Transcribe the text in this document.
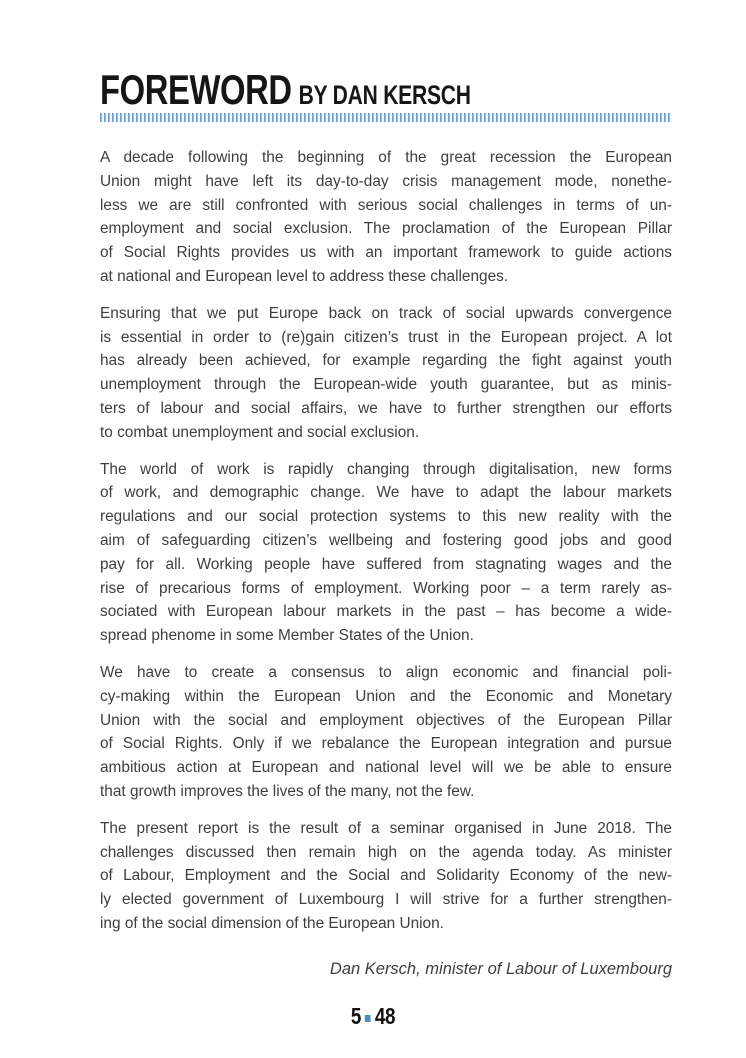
FOREWORD BY DAN KERSCH
A decade following the beginning of the great recession the European
Union might have left its day-to-day crisis management mode, nonethe-
less we are still confronted with serious social challenges in terms of un-
employment and social exclusion. The proclamation of the European Pillar
of Social Rights provides us with an important framework to guide actions
at national and European level to address these challenges.
Ensuring that we put Europe back on track of social upwards convergence
is essential in order to (re)gain citizen’s trust in the European project. A lot
has already been achieved, for example regarding the fight against youth
unemployment through the European-wide youth guarantee, but as minis-
ters of labour and social affairs, we have to further strengthen our efforts
to combat unemployment and social exclusion.
The world of work is rapidly changing through digitalisation, new forms
of work, and demographic change. We have to adapt the labour markets
regulations and our social protection systems to this new reality with the
aim of safeguarding citizen’s wellbeing and fostering good jobs and good
pay for all. Working people have suffered from stagnating wages and the
rise of precarious forms of employment. Working poor – a term rarely as-
sociated with European labour markets in the past – has become a wide-
spread phenome in some Member States of the Union.
We have to create a consensus to align economic and financial poli-
cy-making within the European Union and the Economic and Monetary
Union with the social and employment objectives of the European Pillar
of Social Rights. Only if we rebalance the European integration and pursue
ambitious action at European and national level will we be able to ensure
that growth improves the lives of the many, not the few.
The present report is the result of a seminar organised in June 2018. The
challenges discussed then remain high on the agenda today. As minister
of Labour, Employment and the Social and Solidarity Economy of the new-
ly elected government of Luxembourg I will strive for a further strengthen-
ing of the social dimension of the European Union.
Dan Kersch, minister of Labour of Luxembourg
5 48
